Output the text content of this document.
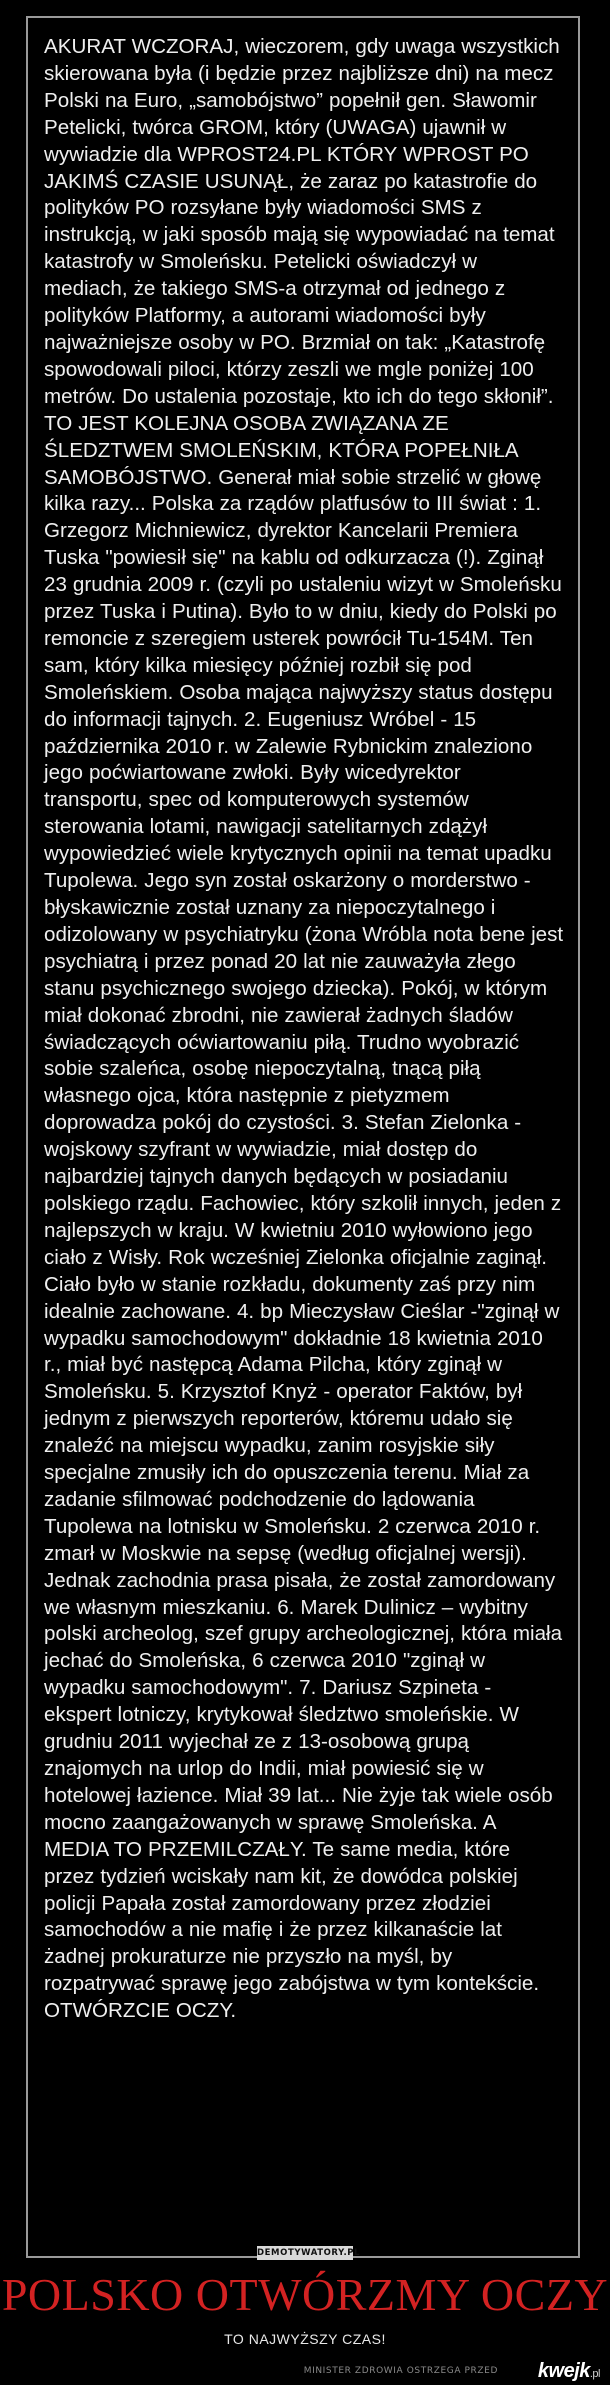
AKURAT WCZORAJ, wieczorem, gdy uwaga wszystkich skierowana była (i będzie przez najbliższe dni) na mecz Polski na Euro, „samobójstwo” popełnił gen. Sławomir Petelicki, twórca GROM, który (UWAGA) ujawnił w wywiadzie dla WPROST24.PL KTÓRY WPROST PO JAKIMŚ CZASIE USUNĄŁ, że zaraz po katastrofie do polityków PO rozsyłane były wiadomości SMS z instrukcją, w jaki sposób mają się wypowiadać na temat katastrofy w Smoleńsku. Petelicki oświadczył w mediach, że takiego SMS-a otrzymał od jednego z polityków Platformy, a autorami wiadomości były najważniejsze osoby w PO. Brzmiał on tak: „Katastrofę spowodowali piloci, którzy zeszli we mgle poniżej 100 metrów. Do ustalenia pozostaje, kto ich do tego skłonił”. TO JEST KOLEJNA OSOBA ZWIĄZANA ZE ŚLEDZTWEM SMOLEŃSKIM, KTÓRA POPEŁNIŁA SAMOBÓJSTWO. Generał miał sobie strzelić w głowę kilka razy... Polska za rządów platfusów to III świat : 1. Grzegorz Michniewicz, dyrektor Kancelarii Premiera Tuska "powiesił się" na kablu od odkurzacza (!). Zginął 23 grudnia 2009 r. (czyli po ustaleniu wizyt w Smoleńsku przez Tuska i Putina). Było to w dniu, kiedy do Polski po remoncie z szeregiem usterek powrócił Tu-154M. Ten sam, który kilka miesięcy później rozbił się pod Smoleńskiem. Osoba mająca najwyższy status dostępu do informacji tajnych. 2. Eugeniusz Wróbel - 15 października 2010 r. w Zalewie Rybnickim znaleziono jego poćwiartowane zwłoki. Były wicedyrektor transportu, spec od komputerowych systemów sterowania lotami, nawigacji satelitarnych zdążył wypowiedzieć wiele krytycznych opinii na temat upadku Tupolewa. Jego syn został oskarżony o morderstwo - błyskawicznie został uznany za niepoczytalnego i odizolowany w psychiatryku (żona Wróbla nota bene jest psychiatrą i przez ponad 20 lat nie zauważyła złego stanu psychicznego swojego dziecka). Pokój, w którym miał dokonać zbrodni, nie zawierał żadnych śladów świadczących oćwiartowaniu piłą. Trudno wyobrazić sobie szaleńca, osobę niepoczytalną, tnącą piłą własnego ojca, która następnie z pietyzmem doprowadza pokój do czystości. 3. Stefan Zielonka - wojskowy szyfrant w wywiadzie, miał dostęp do najbardziej tajnych danych będących w posiadaniu polskiego rządu. Fachowiec, który szkolił innych, jeden z najlepszych w kraju. W kwietniu 2010 wyłowiono jego ciało z Wisły. Rok wcześniej Zielonka oficjalnie zaginął. Ciało było w stanie rozkładu, dokumenty zaś przy nim idealnie zachowane. 4. bp Mieczysław Cieślar -"zginął w wypadku samochodowym" dokładnie 18 kwietnia 2010 r., miał być następcą Adama Pilcha, który zginął w Smoleńsku. 5. Krzysztof Knyż - operator Faktów, był jednym z pierwszych reporterów, któremu udało się znaleźć na miejscu wypadku, zanim rosyjskie siły specjalne zmusiły ich do opuszczenia terenu. Miał za zadanie sfilmować podchodzenie do lądowania Tupolewa na lotnisku w Smoleńsku. 2 czerwca 2010 r. zmarł w Moskwie na sepsę (według oficjalnej wersji). Jednak zachodnia prasa pisała, że został zamordowany we własnym mieszkaniu. 6. Marek Dulinicz – wybitny polski archeolog, szef grupy archeologicznej, która miała jechać do Smoleńska, 6 czerwca 2010 "zginął w wypadku samochodowym". 7. Dariusz Szpineta - ekspert lotniczy, krytykował śledztwo smoleńskie. W grudniu 2011 wyjechał ze z 13-osobową grupą znajomych na urlop do Indii, miał powiesić się w hotelowej łazience. Miał 39 lat... Nie żyje tak wiele osób mocno zaangażowanych w sprawę Smoleńska. A MEDIA TO PRZEMILCZAŁY. Te same media, które przez tydzień wciskały nam kit, że dowódca polskiej policji Papała został zamordowany przez złodziei samochodów a nie mafię i że przez kilkanaście lat żadnej prokuraturze nie przyszło na myśl, by rozpatrywać sprawę jego zabójstwa w tym kontekście. OTWÓRZCIE OCZY.
DEMOTYWATORY.PL
POLSKO OTWÓRZMY OCZY
TO NAJWYŻSZY CZAS!
MINISTER ZDROWIA OSTRZEGA PRZED kwejk.pl
